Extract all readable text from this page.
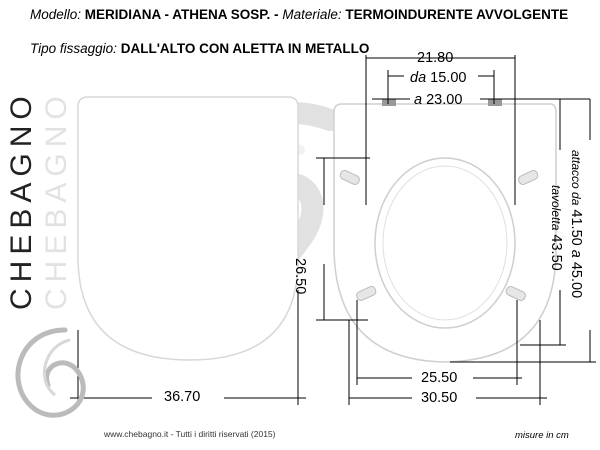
Modello: MERIDIANA - ATHENA SOSP. - Materiale: TERMOINDURENTE AVVOLGENTE
Tipo fissaggio: DALL'ALTO CON ALETTA IN METALLO
CHEBAGNO CHEBAGNO
21.80
da 15.00
a 23.00
26.50
36.70
25.50
30.50
attacco da 41.50 a 45.00
tavoletta 43.50
www.chebagno.it - Tutti i diritti riservati (2015)	misure in cm
